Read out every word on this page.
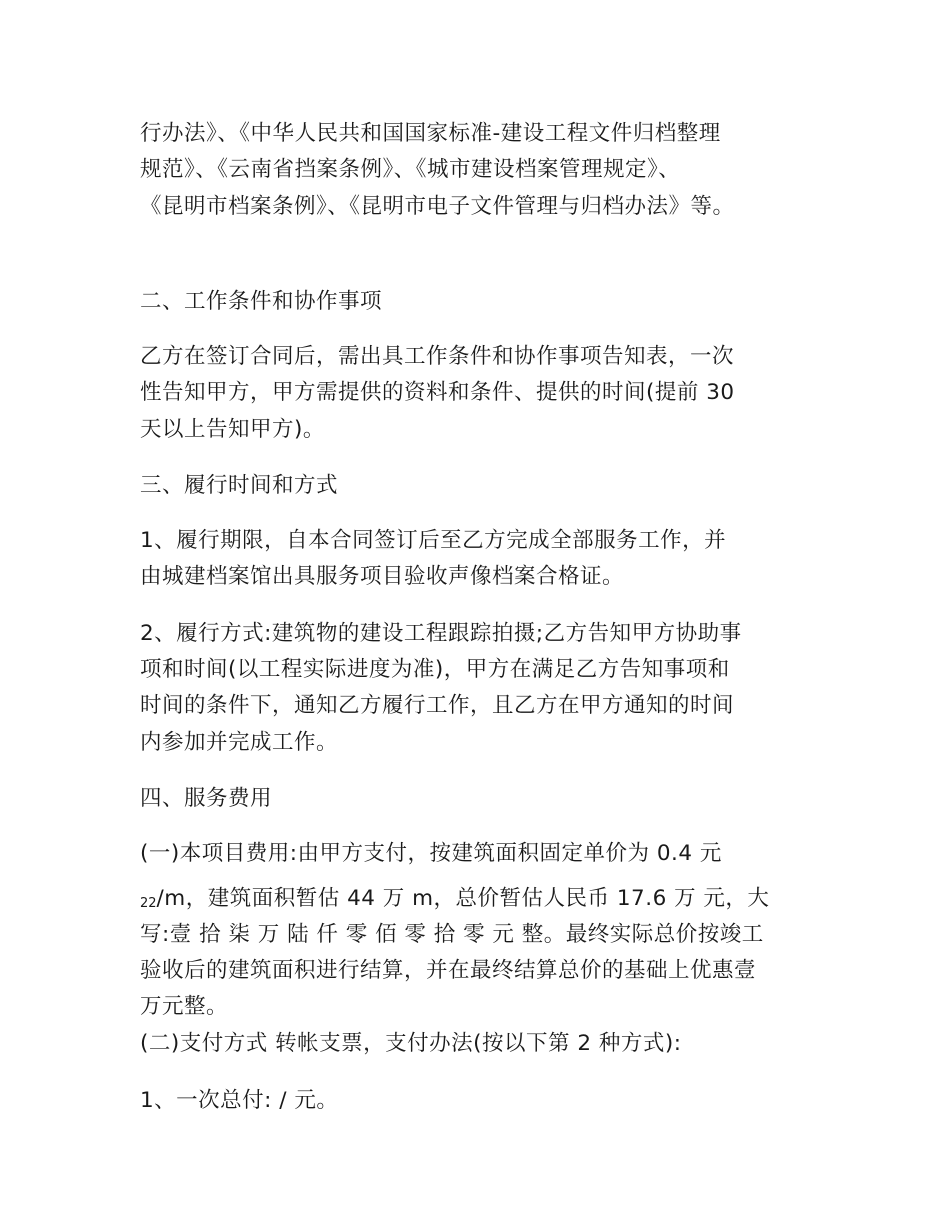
行办法》、《中华人民共和国国家标准-建设工程文件归档整理
规范》、《云南省挡案条例》、《城市建设档案管理规定》、
《昆明市档案条例》、《昆明市电子文件管理与归档办法》等。
二、工作条件和协作事项
乙方在签订合同后，需出具工作条件和协作事项告知表，一次
性告知甲方，甲方需提供的资料和条件、提供的时间(提前 30
天以上告知甲方)。
三、履行时间和方式
1、履行期限，自本合同签订后至乙方完成全部服务工作，并
由城建档案馆出具服务项目验收声像档案合格证。
2、履行方式:建筑物的建设工程跟踪拍摄;乙方告知甲方协助事
项和时间(以工程实际进度为准)，甲方在满足乙方告知事项和
时间的条件下，通知乙方履行工作，且乙方在甲方通知的时间
内参加并完成工作。
四、服务费用
(一)本项目费用:由甲方支付，按建筑面积固定单价为 0.4 元
22/m，建筑面积暂估 44 万 m，总价暂估人民币 17.6 万 元，大
写:壹 拾 柒 万 陆 仟 零 佰 零 拾 零 元 整。最终实际总价按竣工
验收后的建筑面积进行结算，并在最终结算总价的基础上优惠壹
万元整。
(二)支付方式 转帐支票，支付办法(按以下第 2 种方式):
1、一次总付: / 元。
